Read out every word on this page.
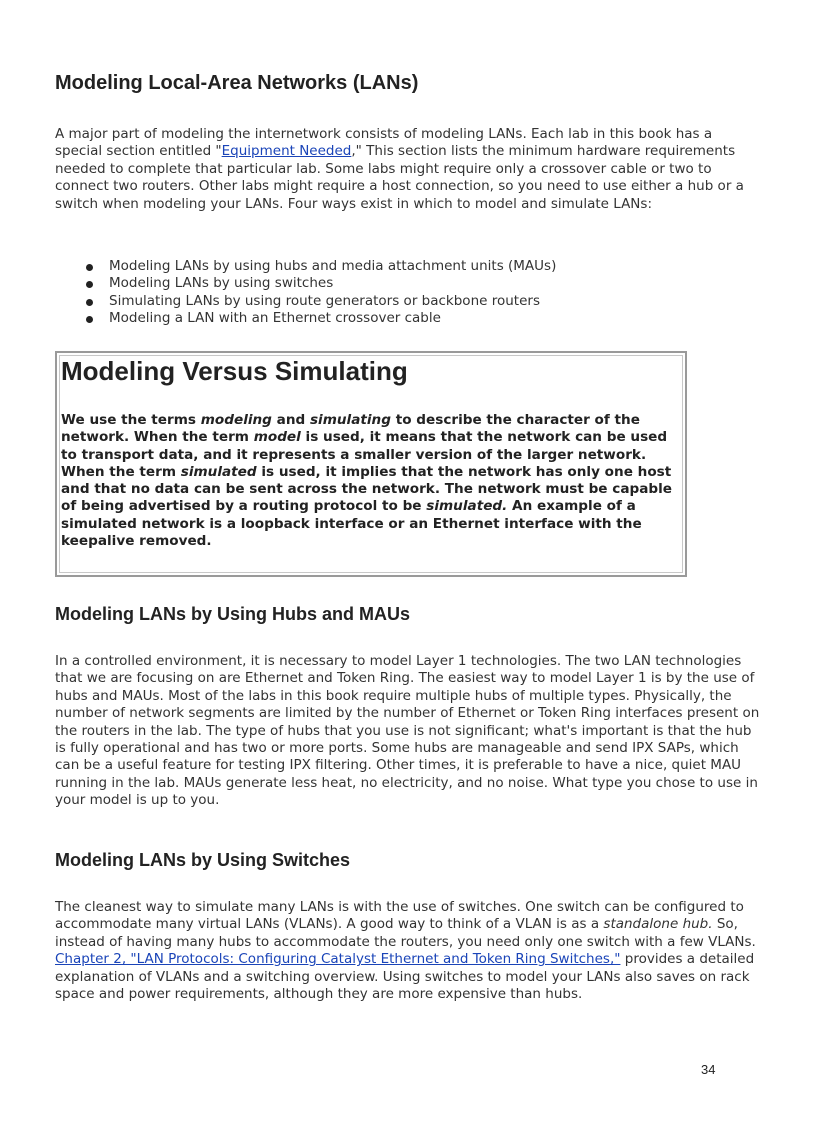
Modeling Local-Area Networks (LANs)

A major part of modeling the internetwork consists of modeling LANs. Each lab in this book has a special section entitled "Equipment Needed," This section lists the minimum hardware requirements needed to complete that particular lab. Some labs might require only a crossover cable or two to connect two routers. Other labs might require a host connection, so you need to use either a hub or a switch when modeling your LANs. Four ways exist in which to model and simulate LANs:

Modeling LANs by using hubs and media attachment units (MAUs)
Modeling LANs by using switches
Simulating LANs by using route generators or backbone routers
Modeling a LAN with an Ethernet crossover cable
Modeling Versus Simulating

We use the terms modeling and simulating to describe the character of the network. When the term model is used, it means that the network can be used to transport data, and it represents a smaller version of the larger network. When the term simulated is used, it implies that the network has only one host and that no data can be sent across the network. The network must be capable of being advertised by a routing protocol to be simulated. An example of a simulated network is a loopback interface or an Ethernet interface with the keepalive removed.

Modeling LANs by Using Hubs and MAUs

In a controlled environment, it is necessary to model Layer 1 technologies. The two LAN technologies that we are focusing on are Ethernet and Token Ring. The easiest way to model Layer 1 is by the use of hubs and MAUs. Most of the labs in this book require multiple hubs of multiple types. Physically, the number of network segments are limited by the number of Ethernet or Token Ring interfaces present on the routers in the lab. The type of hubs that you use is not significant; what's important is that the hub is fully operational and has two or more ports. Some hubs are manageable and send IPX SAPs, which can be a useful feature for testing IPX filtering. Other times, it is preferable to have a nice, quiet MAU running in the lab. MAUs generate less heat, no electricity, and no noise. What type you chose to use in your model is up to you.

Modeling LANs by Using Switches

The cleanest way to simulate many LANs is with the use of switches. One switch can be configured to accommodate many virtual LANs (VLANs). A good way to think of a VLAN is as a standalone hub. So, instead of having many hubs to accommodate the routers, you need only one switch with a few VLANs. Chapter 2, "LAN Protocols: Configuring Catalyst Ethernet and Token Ring Switches," provides a detailed explanation of VLANs and a switching overview. Using switches to model your LANs also saves on rack space and power requirements, although they are more expensive than hubs.

34
